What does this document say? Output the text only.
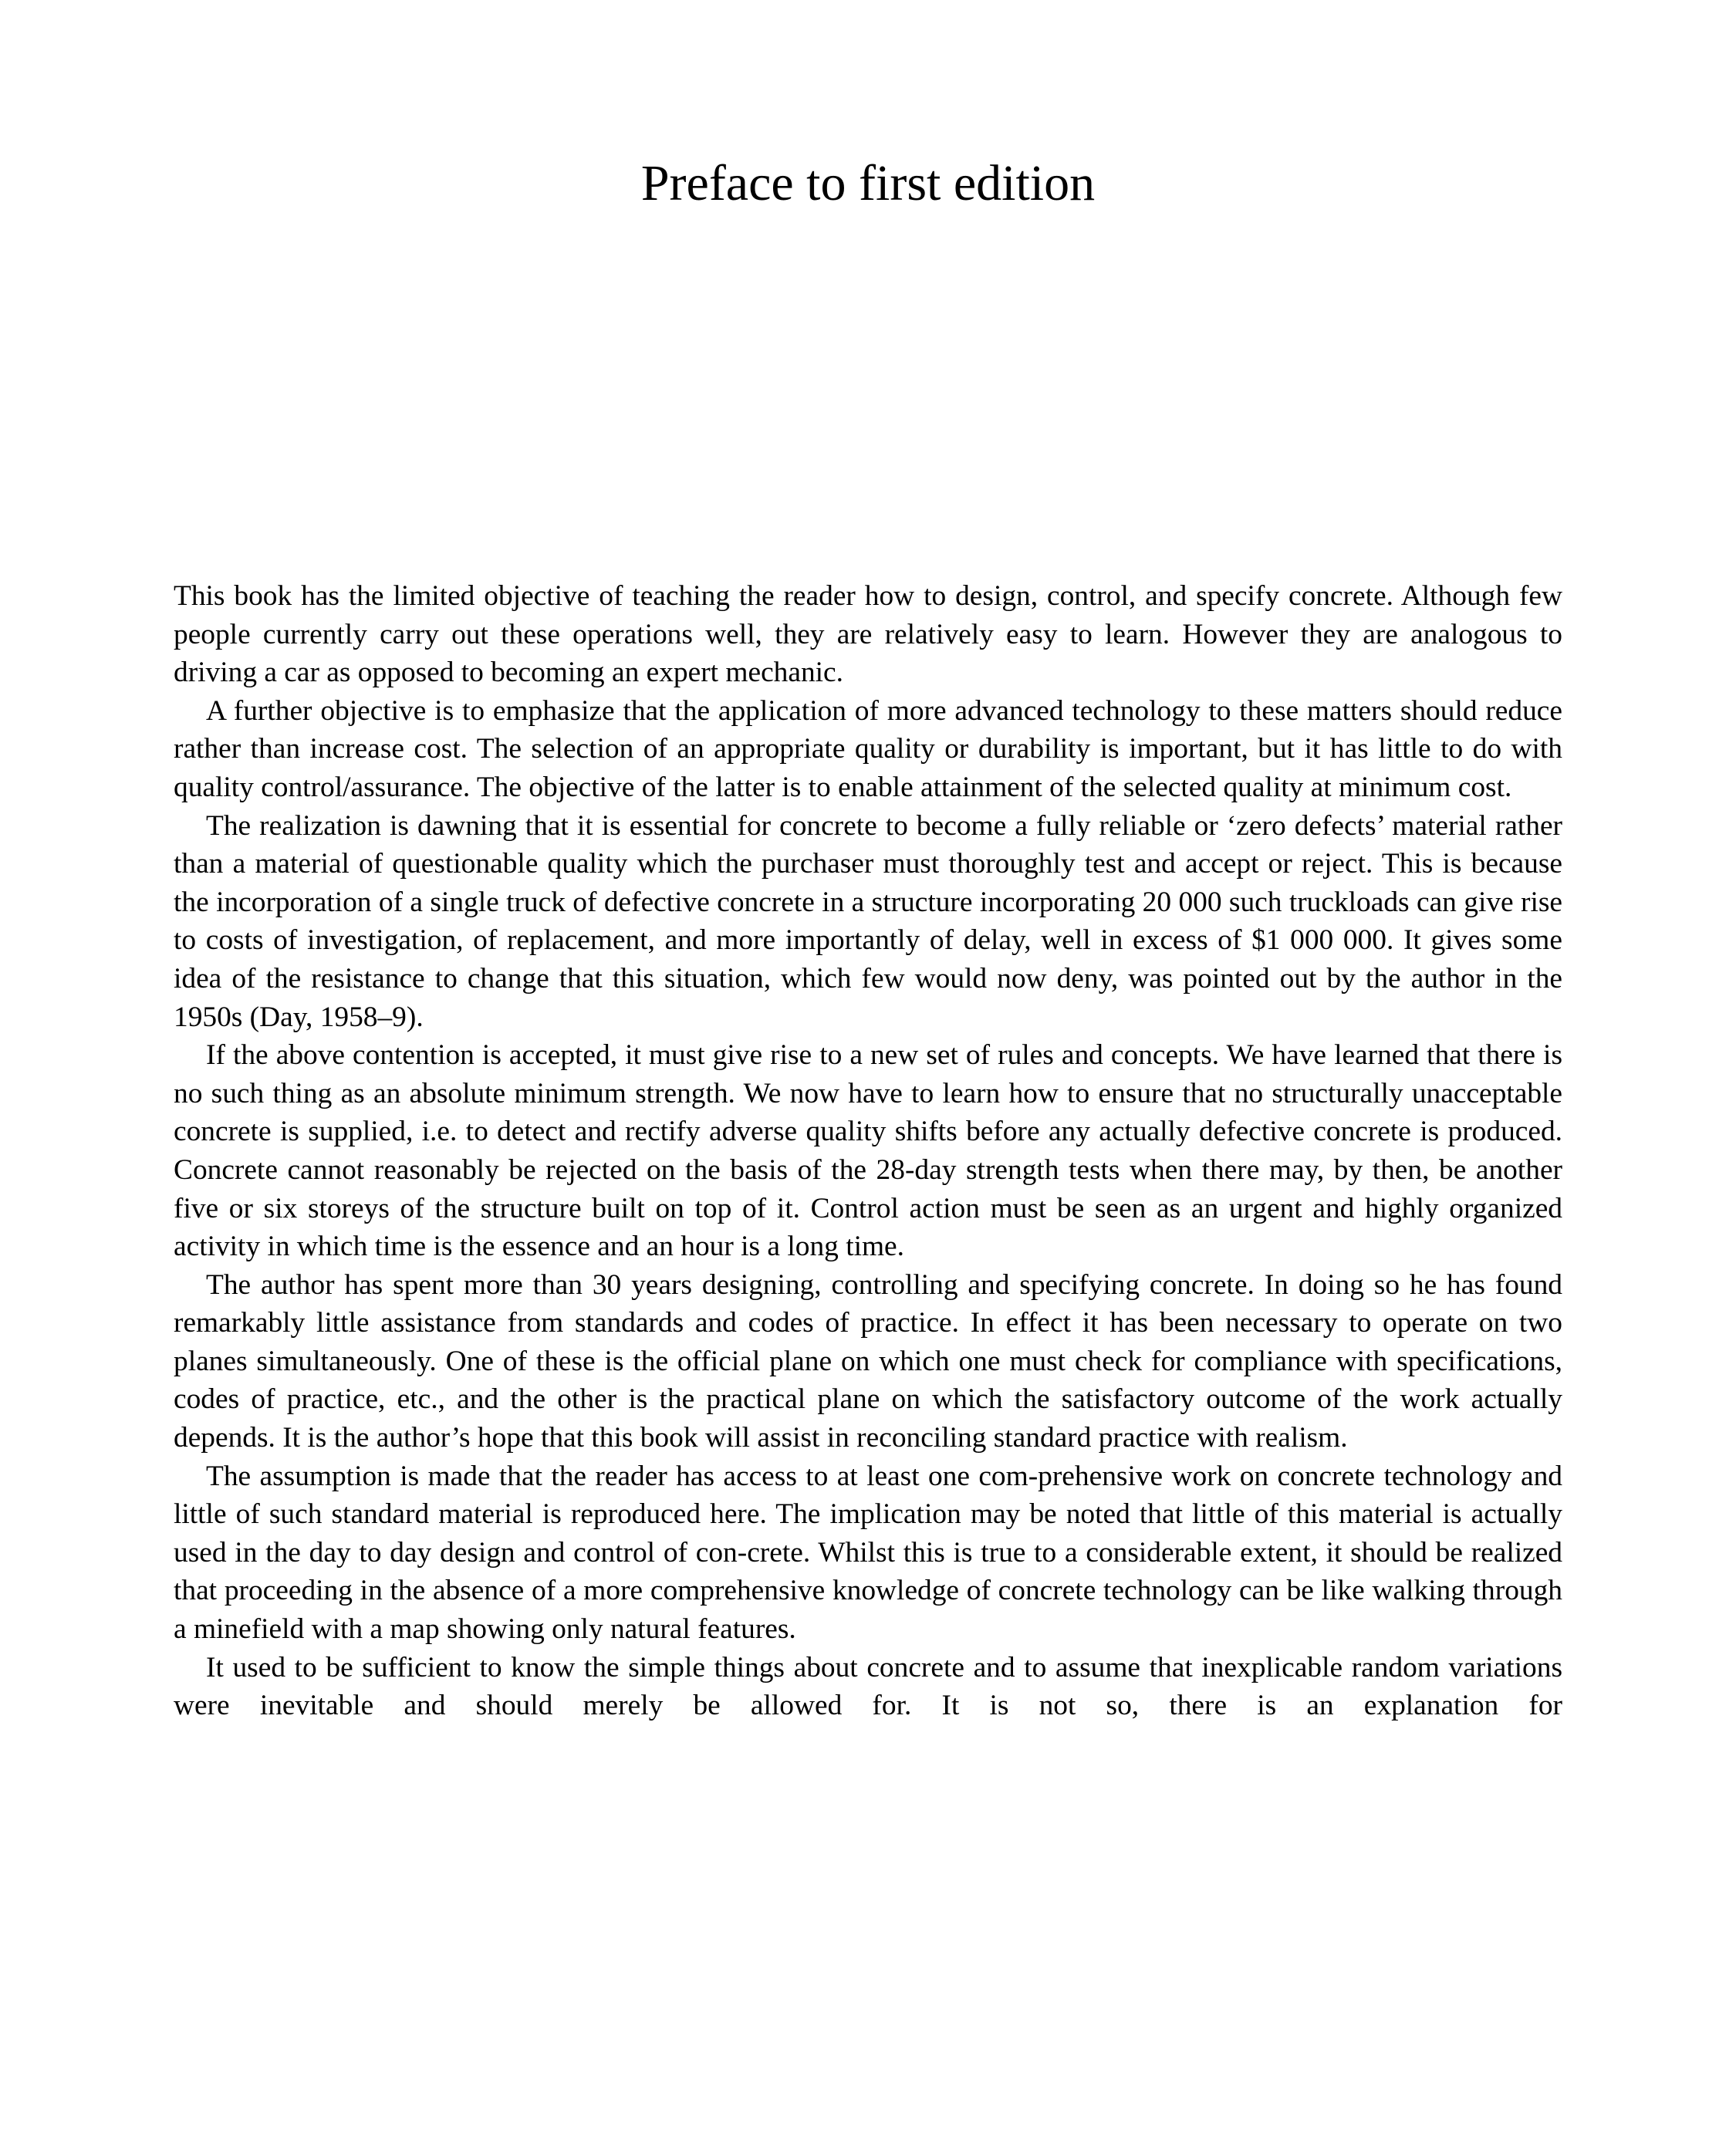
Preface to first edition

This book has the limited objective of teaching the reader how to design, control, and specify concrete. Although few people currently carry out these operations well, they are relatively easy to learn. However they are analogous to driving a car as opposed to becoming an expert mechanic.

A further objective is to emphasize that the application of more advanced technology to these matters should reduce rather than increase cost. The selection of an appropriate quality or durability is important, but it has little to do with quality control/assurance. The objective of the latter is to enable attainment of the selected quality at minimum cost.

The realization is dawning that it is essential for concrete to become a fully reliable or ‘zero defects’ material rather than a material of questionable quality which the purchaser must thoroughly test and accept or reject. This is because the incorporation of a single truck of defective concrete in a structure incorporating 20 000 such truckloads can give rise to costs of investigation, of replacement, and more importantly of delay, well in excess of $1 000 000. It gives some idea of the resistance to change that this situation, which few would now deny, was pointed out by the author in the 1950s (Day, 1958–9).

If the above contention is accepted, it must give rise to a new set of rules and concepts. We have learned that there is no such thing as an absolute minimum strength. We now have to learn how to ensure that no structurally unacceptable concrete is supplied, i.e. to detect and rectify adverse quality shifts before any actually defective concrete is produced. Concrete cannot reasonably be rejected on the basis of the 28-day strength tests when there may, by then, be another five or six storeys of the structure built on top of it. Control action must be seen as an urgent and highly organized activity in which time is the essence and an hour is a long time.

The author has spent more than 30 years designing, controlling and specifying concrete. In doing so he has found remarkably little assistance from standards and codes of practice. In effect it has been necessary to operate on two planes simultaneously. One of these is the official plane on which one must check for compliance with specifications, codes of practice, etc., and the other is the practical plane on which the satisfactory outcome of the work actually depends. It is the author’s hope that this book will assist in reconciling standard practice with realism.

The assumption is made that the reader has access to at least one com-prehensive work on concrete technology and little of such standard material is reproduced here. The implication may be noted that little of this material is actually used in the day to day design and control of con-crete. Whilst this is true to a considerable extent, it should be realized that proceeding in the absence of a more comprehensive knowledge of concrete technology can be like walking through a minefield with a map showing only natural features.

It used to be sufficient to know the simple things about concrete and to assume that inexplicable random variations were inevitable and should merely be allowed for. It is not so, there is an explanation for
